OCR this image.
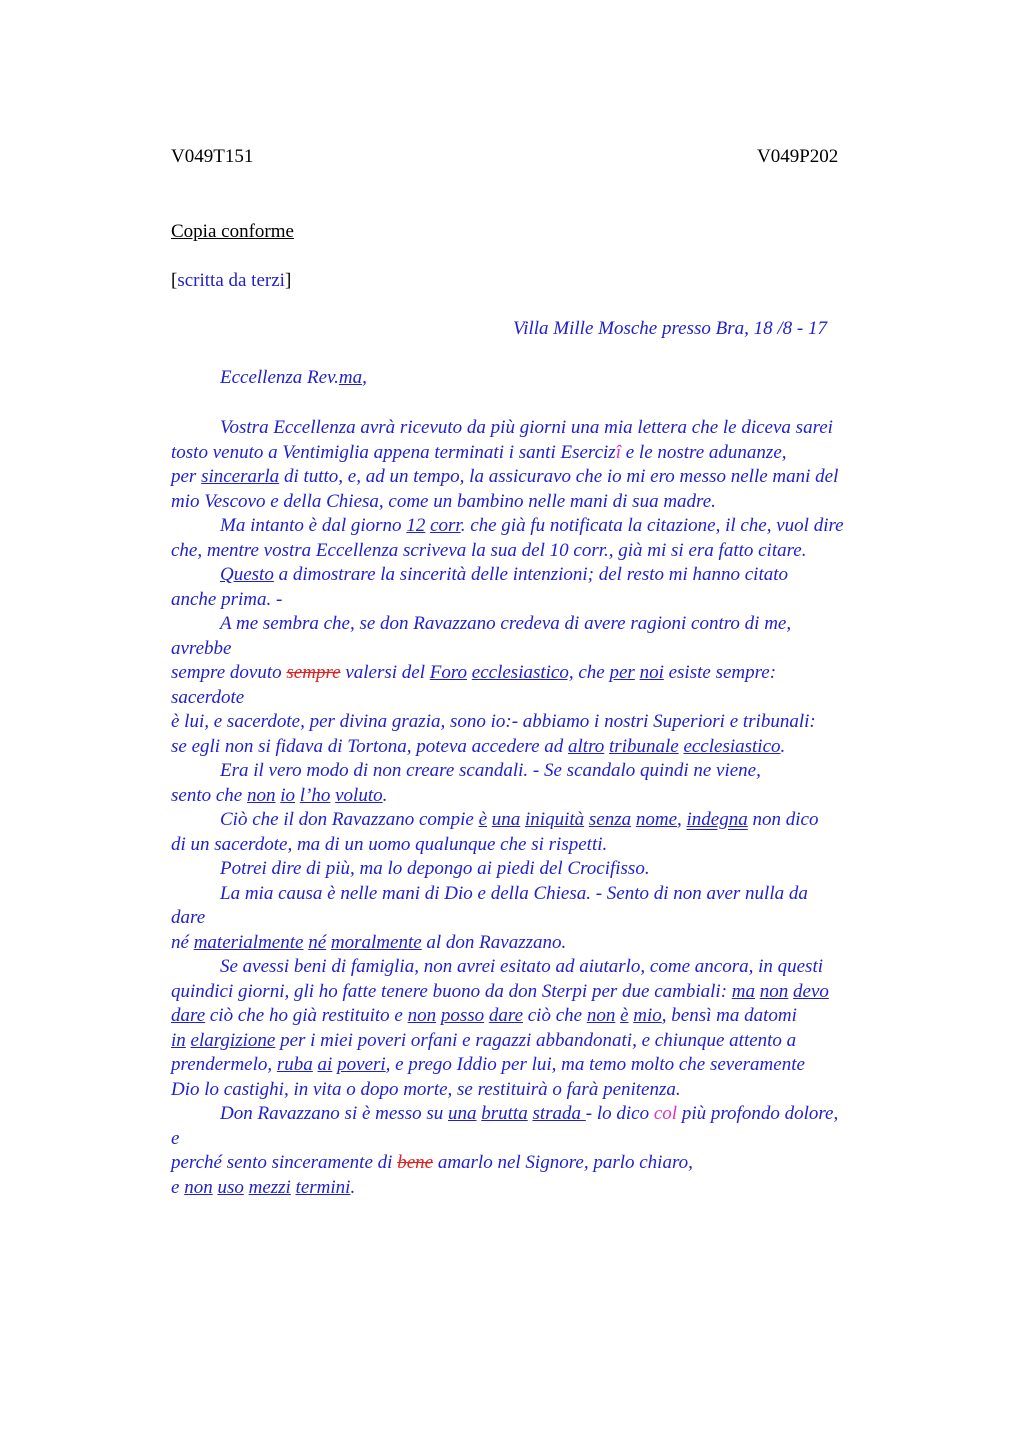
V049T151	V049P202
Copia conforme
[scritta da terzi]
Villa Mille Mosche presso Bra, 18 /8 - 17
Eccellenza Rev.ma,
Vostra Eccellenza avrà ricevuto da più giorni una mia lettera che le diceva sarei
tosto venuto a Ventimiglia appena terminati i santi Esercizî e le nostre adunanze,
per sincerarla di tutto, e, ad un tempo, la assicuravo che io mi ero messo nelle mani del
mio Vescovo e della Chiesa, come un bambino nelle mani di sua madre.
Ma intanto è dal giorno 12 corr. che già fu notificata la citazione, il che, vuol dire
che, mentre vostra Eccellenza scriveva la sua del 10 corr., già mi si era fatto citare.
Questo a dimostrare la sincerità delle intenzioni; del resto mi hanno citato
anche prima. -
A me sembra che, se don Ravazzano credeva di avere ragioni contro di me,
avrebbe
sempre dovuto sempre valersi del Foro ecclesiastico, che per noi esiste sempre:
sacerdote
è lui, e sacerdote, per divina grazia, sono io:- abbiamo i nostri Superiori e tribunali:
se egli non si fidava di Tortona, poteva accedere ad altro tribunale ecclesiastico.
Era il vero modo di non creare scandali. - Se scandalo quindi ne viene,
sento che non io l’ho voluto.
Ciò che il don Ravazzano compie è una iniquità senza nome, indegna non dico
di un sacerdote, ma di un uomo qualunque che si rispetti.
Potrei dire di più, ma lo depongo ai piedi del Crocifisso.
La mia causa è nelle mani di Dio e della Chiesa. - Sento di non aver nulla da
dare
né materialmente né moralmente al don Ravazzano.
Se avessi beni di famiglia, non avrei esitato ad aiutarlo, come ancora, in questi
quindici giorni, gli ho fatte tenere buono da don Sterpi per due cambiali: ma non devo
dare ciò che ho già restituito e non posso dare ciò che non è mio, bensì ma datomi
in elargizione per i miei poveri orfani e ragazzi abbandonati, e chiunque attento a
prendermelo, ruba ai poveri, e prego Iddio per lui, ma temo molto che severamente
Dio lo castighi, in vita o dopo morte, se restituirà o farà penitenza.
Don Ravazzano si è messo su una brutta strada - lo dico col più profondo dolore,
e
perché sento sinceramente di bene amarlo nel Signore, parlo chiaro,
e non uso mezzi termini.
